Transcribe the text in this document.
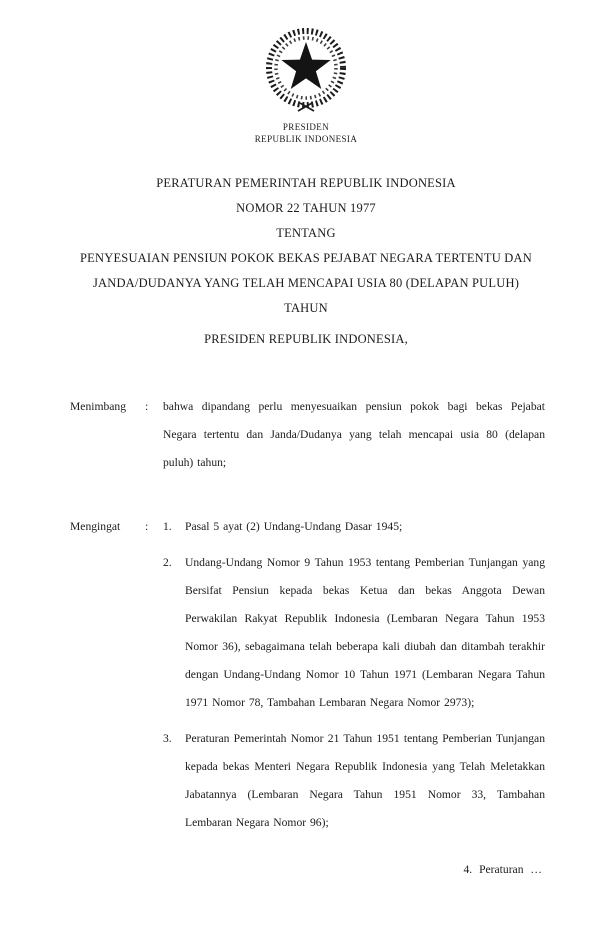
PRESIDEN
REPUBLIK INDONESIA
PERATURAN PEMERINTAH REPUBLIK INDONESIA
NOMOR 22 TAHUN 1977
TENTANG
PENYESUAIAN PENSIUN POKOK BEKAS PEJABAT NEGARA TERTENTU DAN
JANDA/DUDANYA YANG TELAH MENCAPAI USIA 80 (DELAPAN PULUH)
TAHUN
PRESIDEN REPUBLIK INDONESIA,
Menimbang	:	bahwa dipandang perlu menyesuaikan pensiun pokok bagi bekas Pejabat Negara tertentu dan Janda/Dudanya yang telah mencapai usia 80 (delapan puluh) tahun;
Mengingat	:	1.	Pasal 5 ayat (2) Undang-Undang Dasar 1945;
2.	Undang-Undang Nomor 9 Tahun 1953 tentang Pemberian Tunjangan yang Bersifat Pensiun kepada bekas Ketua dan bekas Anggota Dewan Perwakilan Rakyat Republik Indonesia (Lembaran Negara Tahun 1953 Nomor 36), sebagaimana telah beberapa kali diubah dan ditambah terakhir dengan Undang-Undang Nomor 10 Tahun 1971 (Lembaran Negara Tahun 1971 Nomor 78, Tambahan Lembaran Negara Nomor 2973);
3.	Peraturan Pemerintah Nomor 21 Tahun 1951 tentang Pemberian Tunjangan kepada bekas Menteri Negara Republik Indonesia yang Telah Meletakkan Jabatannya (Lembaran Negara Tahun 1951 Nomor 33, Tambahan Lembaran Negara Nomor 96);
4. Peraturan …
